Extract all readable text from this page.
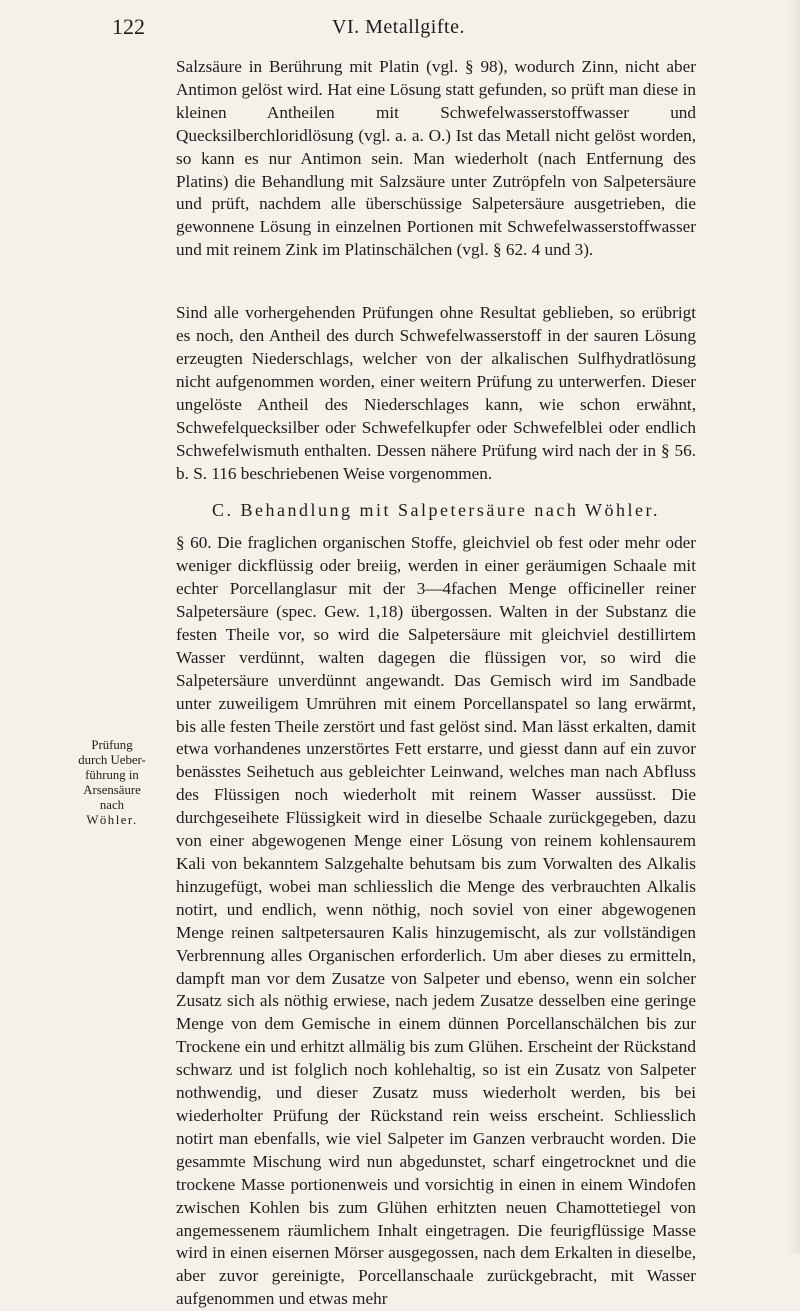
122	VI. Metallgifte.
Prüfung
durch Ueber-
führung in
Arsensäure
nach
Wöhler.

Salzsäure in Berührung mit Platin (vgl. § 98), wodurch Zinn, nicht aber Antimon gelöst wird. Hat eine Lösung statt gefunden, so prüft man diese in kleinen Antheilen mit Schwefelwasserstoffwasser und Quecksilberchloridlösung (vgl. a. a. O.) Ist das Metall nicht gelöst worden, so kann es nur Antimon sein. Man wiederholt (nach Entfernung des Platins) die Behandlung mit Salzsäure unter Zutröpfeln von Salpetersäure und prüft, nachdem alle überschüssige Salpetersäure ausgetrieben, die gewonnene Lösung in einzelnen Portionen mit Schwefelwasserstoffwasser und mit reinem Zink im Platinschälchen (vgl. § 62. 4 und 3).

Sind alle vorhergehenden Prüfungen ohne Resultat geblieben, so erübrigt es noch, den Antheil des durch Schwefelwasserstoff in der sauren Lösung erzeugten Niederschlags, welcher von der alkalischen Sulfhydratlösung nicht aufgenommen worden, einer weitern Prüfung zu unterwerfen. Dieser ungelöste Antheil des Niederschlages kann, wie schon erwähnt, Schwefelquecksilber oder Schwefelkupfer oder Schwefelblei oder endlich Schwefelwismuth enthalten. Dessen nähere Prüfung wird nach der in § 56. b. S. 116 beschriebenen Weise vorgenommen.

C. Behandlung mit Salpetersäure nach Wöhler.

§ 60. Die fraglichen organischen Stoffe, gleichviel ob fest oder mehr oder weniger dickflüssig oder breiig, werden in einer geräumigen Schaale mit echter Porcellanglasur mit der 3—4fachen Menge officineller reiner Salpetersäure (spec. Gew. 1,18) übergossen. Walten in der Substanz die festen Theile vor, so wird die Salpetersäure mit gleichviel destillirtem Wasser verdünnt, walten dagegen die flüssigen vor, so wird die Salpetersäure unverdünnt angewandt. Das Gemisch wird im Sandbade unter zuweiligem Umrühren mit einem Porcellanspatel so lang erwärmt, bis alle festen Theile zerstört und fast gelöst sind. Man lässt erkalten, damit etwa vorhandenes unzerstörtes Fett erstarre, und giesst dann auf ein zuvor benässtes Seihetuch aus gebleichter Leinwand, welches man nach Abfluss des Flüssigen noch wiederholt mit reinem Wasser aussüsst. Die durchgeseihete Flüssigkeit wird in dieselbe Schaale zurückgegeben, dazu von einer abgewogenen Menge einer Lösung von reinem kohlensaurem Kali von bekanntem Salzgehalte behutsam bis zum Vorwalten des Alkalis hinzugefügt, wobei man schliesslich die Menge des verbrauchten Alkalis notirt, und endlich, wenn nöthig, noch soviel von einer abgewogenen Menge reinen saltpetersauren Kalis hinzugemischt, als zur vollständigen Verbrennung alles Organischen erforderlich. Um aber dieses zu ermitteln, dampft man vor dem Zusatze von Salpeter und ebenso, wenn ein solcher Zusatz sich als nöthig erwiese, nach jedem Zusatze desselben eine geringe Menge von dem Gemische in einem dünnen Porcellanschälchen bis zur Trockene ein und erhitzt allmälig bis zum Glühen. Erscheint der Rückstand schwarz und ist folglich noch kohlehaltig, so ist ein Zusatz von Salpeter nothwendig, und dieser Zusatz muss wiederholt werden, bis bei wiederholter Prüfung der Rückstand rein weiss erscheint. Schliesslich notirt man ebenfalls, wie viel Salpeter im Ganzen verbraucht worden. Die gesammte Mischung wird nun abgedunstet, scharf eingetrocknet und die trockene Masse portionenweis und vorsichtig in einen in einem Windofen zwischen Kohlen bis zum Glühen erhitzten neuen Chamottetiegel von angemessenem räumlichem Inhalt eingetragen. Die feurigflüssige Masse wird in einen eisernen Mörser ausgegossen, nach dem Erkalten in dieselbe, aber zuvor gereinigte, Porcellanschaale zurückgebracht, mit Wasser aufgenommen und etwas mehr
